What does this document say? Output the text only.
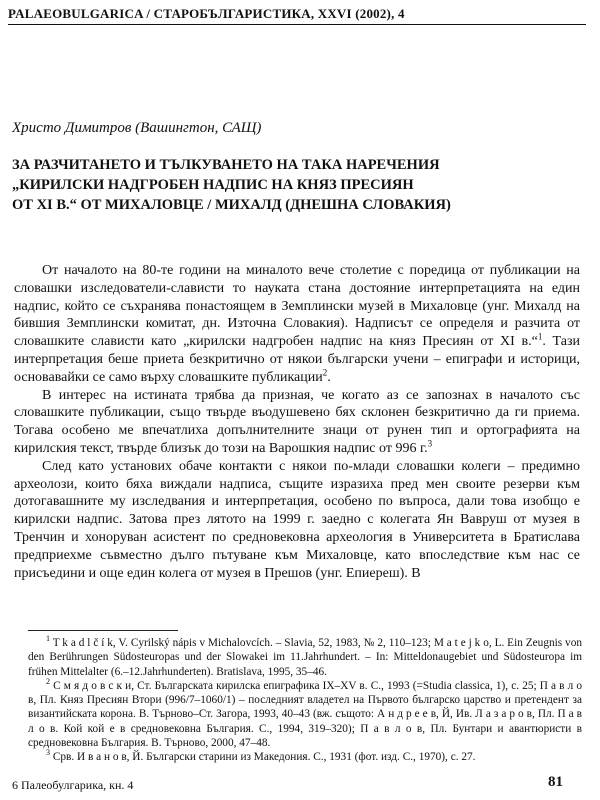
PALAEOBULGARICA / СТАРОБЪЛГАРИСТИКА, XXVI (2002), 4
Христо Димитров (Вашингтон, САЩ)
ЗА РАЗЧИТАНЕТО И ТЪЛКУВАНЕТО НА ТАКА НАРЕЧЕНИЯ
„КИРИЛСКИ НАДГРОБЕН НАДПИС НА КНЯЗ ПРЕСИЯН
ОТ XI В.“ ОТ МИХАЛОВЦЕ / МИХАЛД (ДНЕШНА СЛОВАКИЯ)

От началото на 80-те години на миналото вече столетие с поредица от публикации на словашки изследователи-слависти то науката стана достояние интерпретацията на един надпис, който се съхранява понастоящем в Земплински музей в Михаловце (унг. Михалд на бившия Земплински комитат, дн. Източна Словакия). Надписът се определя и разчита от словашките слависти като „кирилски надгробен надпис на княз Пресиян от XI в.“$^1$. Тази интерпретация беше приета безкритично от някои български учени – епиграфи и историци, основавайки се само върху словашките публикации$^2$.

В интерес на истината трябва да призная, че когато аз се запознах в началото със словашките публикации, също твърде въодушевено бях склонен безкритично да ги приема. Тогава особено ме впечатлиха допълнителните знаци от рунен тип и ортографията на кирилския текст, твърде близък до този на Варошкия надпис от 996 г.$^3$

След като установих обаче контакти с някои по-млади словашки колеги – предимно археолози, които бяха виждали надписа, същите изразиха пред мен своите резерви към дотогавашните му изследвания и интерпретация, особено по въпроса, дали това изобщо е кирилски надпис. Затова през лятото на 1999 г. заедно с колегата Ян Вавруш от музея в Тренчин и хоноруван асистент по средновековна археология в Университета в Братислава предприехме съвместно дълго пътуване към Михаловце, като впоследствие към нас се присъедини и още един колега от музея в Прешов (унг. Епиереш). В

$^1$ T k a d l č í k, V. Cyrilský nápis v Michalovcích. – Slavia, 52, 1983, № 2, 110–123; M a t e j k o, L. Ein Zeugnis von den Berührungen Südosteuropas und der Slowakei im 11.Jahrhundert. – In: Mitteldonaugebiet und Südosteuropa im frühen Mittelalter (6.–12.Jahrhunderten). Bratislava, 1995, 35–46.

$^2$ С м я д о в с к и, Ст. Българската кирилска епиграфика IX–XV в. С., 1993 (=Studia classica, 1), с. 25; П а в л о в, Пл. Княз Пресиян Втори (996/7–1060/1) – последният владетел на Първото българско царство и претендент за византийската корона. В. Търново–Ст. Загора, 1993, 40–43 (вж. същото: А н д р е е в, Й, Ив. Л а з а р о в, Пл. П а в л о в. Кой кой е в средновековна България. С., 1994, 319–320); П а в л о в, Пл. Бунтари и авантюристи в средновековна България. В. Търново, 2000, 47–48.

$^3$ Срв. И в а н о в, Й. Български старини из Македония. С., 1931 (фот. изд. С., 1970), с. 27.

6 Палеобулгарика, кн. 4	81
